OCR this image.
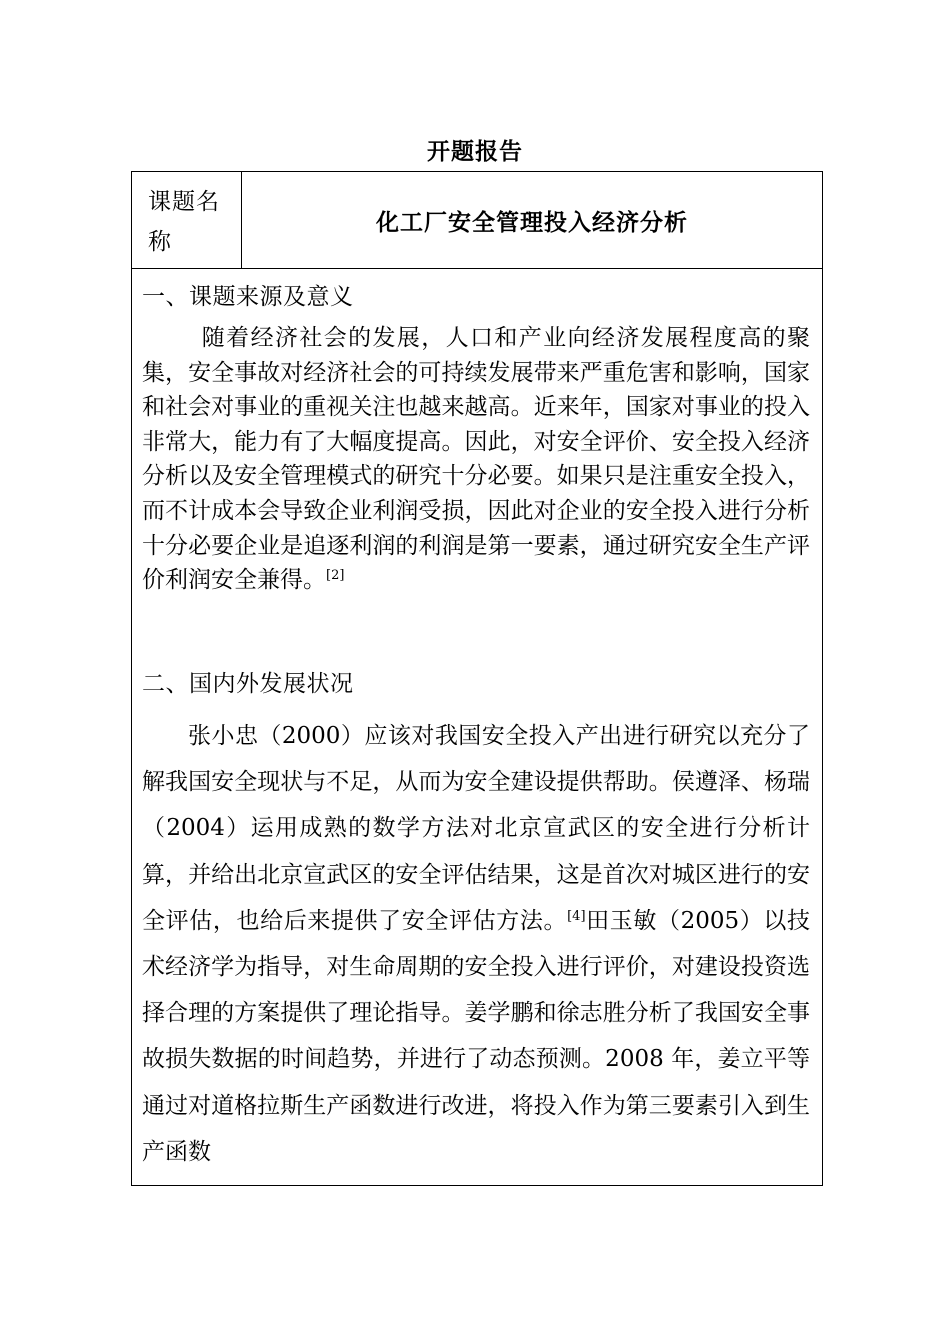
开题报告
课题名
称
化工厂安全管理投入经济分析
一、课题来源及意义

随着经济社会的发展，人口和产业向经济发展程度高的聚集，安全事故对经济社会的可持续发展带来严重危害和影响，国家和社会对事业的重视关注也越来越高。近来年，国家对事业的投入非常大，能力有了大幅度提高。因此，对安全评价、安全投入经济分析以及安全管理模式的研究十分必要。如果只是注重安全投入，而不计成本会导致企业利润受损，因此对企业的安全投入进行分析十分必要企业是追逐利润的利润是第一要素，通过研究安全生产评价利润安全兼得。[2]

二、国内外发展状况

张小忠（2000）应该对我国安全投入产出进行研究以充分了解我国安全现状与不足，从而为安全建设提供帮助。侯遵泽、杨瑞（2004）运用成熟的数学方法对北京宣武区的安全进行分析计算，并给出北京宣武区的安全评估结果，这是首次对城区进行的安全评估，也给后来提供了安全评估方法。[4]田玉敏（2005）以技术经济学为指导，对生命周期的安全投入进行评价，对建设投资选择合理的方案提供了理论指导。姜学鹏和徐志胜分析了我国安全事故损失数据的时间趋势，并进行了动态预测。2008 年，姜立平等通过对道格拉斯生产函数进行改进，将投入作为第三要素引入到生产函数
